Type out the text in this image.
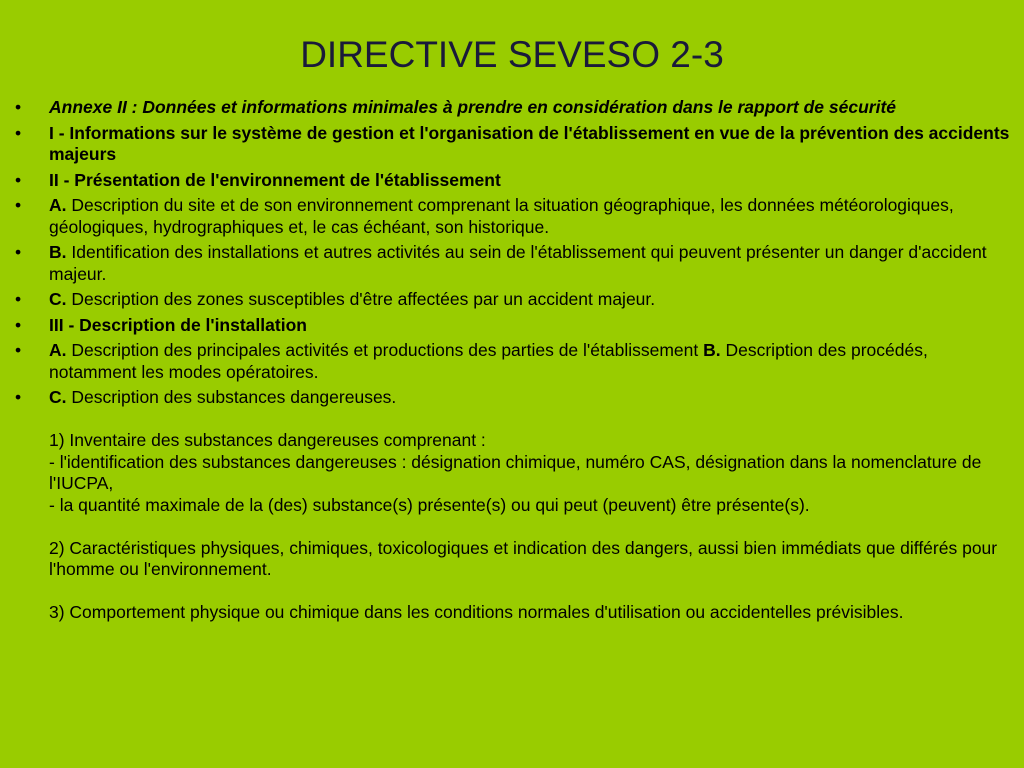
DIRECTIVE SEVESO 2-3
•	Annexe II : Données et informations minimales à prendre en considération dans le rapport de sécurité
•	I - Informations sur le système de gestion et l'organisation de l'établissement en vue de la prévention des accidents majeurs
•	II - Présentation de l'environnement de l'établissement
•	A. Description du site et de son environnement comprenant la situation géographique, les données météorologiques, géologiques, hydrographiques et, le cas échéant, son historique.
•	B. Identification des installations et autres activités au sein de l'établissement qui peuvent présenter un danger d'accident majeur.
•	C. Description des zones susceptibles d'être affectées par un accident majeur.
•	III - Description de l'installation
•	A. Description des principales activités et productions des parties de l'établissement B. Description des procédés, notamment les modes opératoires.
•	C. Description des substances dangereuses.
1) Inventaire des substances dangereuses comprenant :
- l'identification des substances dangereuses : désignation chimique, numéro CAS, désignation dans la nomenclature de l'IUCPA,
- la quantité maximale de la (des) substance(s) présente(s) ou qui peut (peuvent) être présente(s).
2) Caractéristiques physiques, chimiques, toxicologiques et indication des dangers, aussi bien immédiats que différés pour l'homme ou l'environnement.
3) Comportement physique ou chimique dans les conditions normales d'utilisation ou accidentelles prévisibles.
